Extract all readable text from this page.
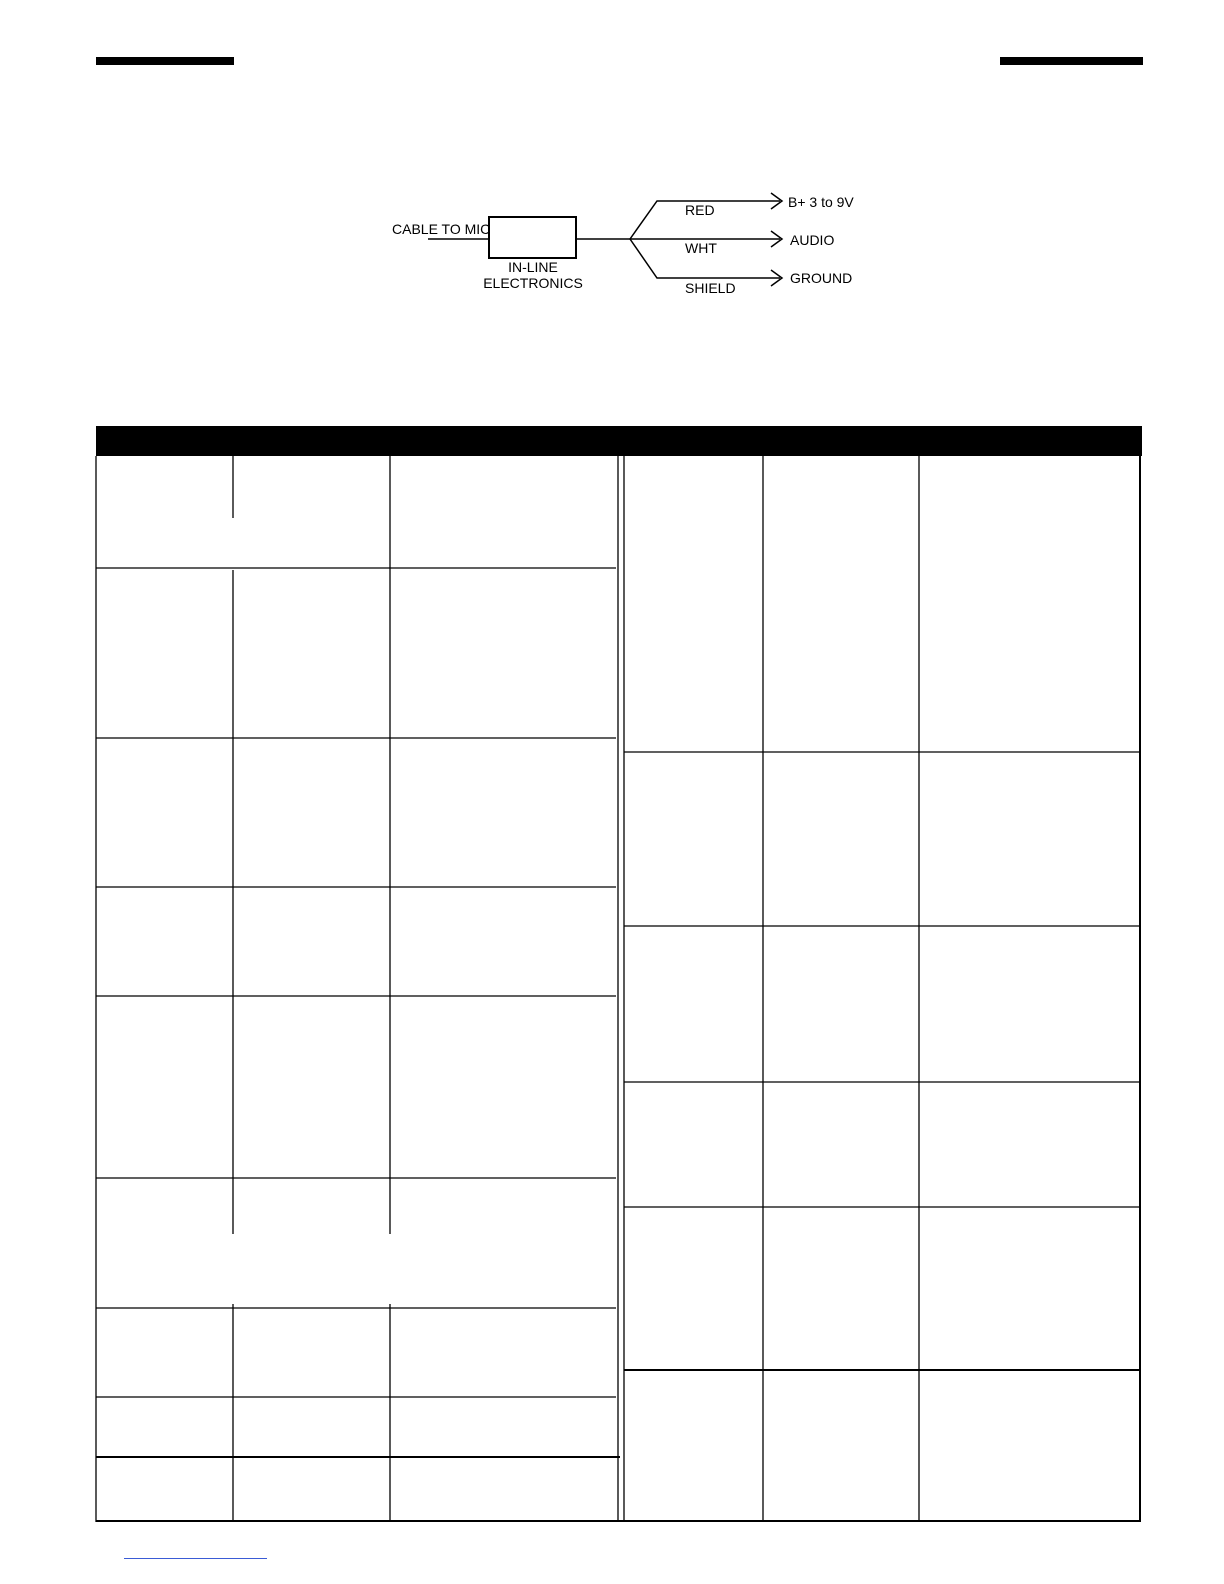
CABLE TO MIC
IN-LINE
ELECTRONICS
RED
WHT
SHIELD
B+ 3 to 9V
AUDIO
GROUND
